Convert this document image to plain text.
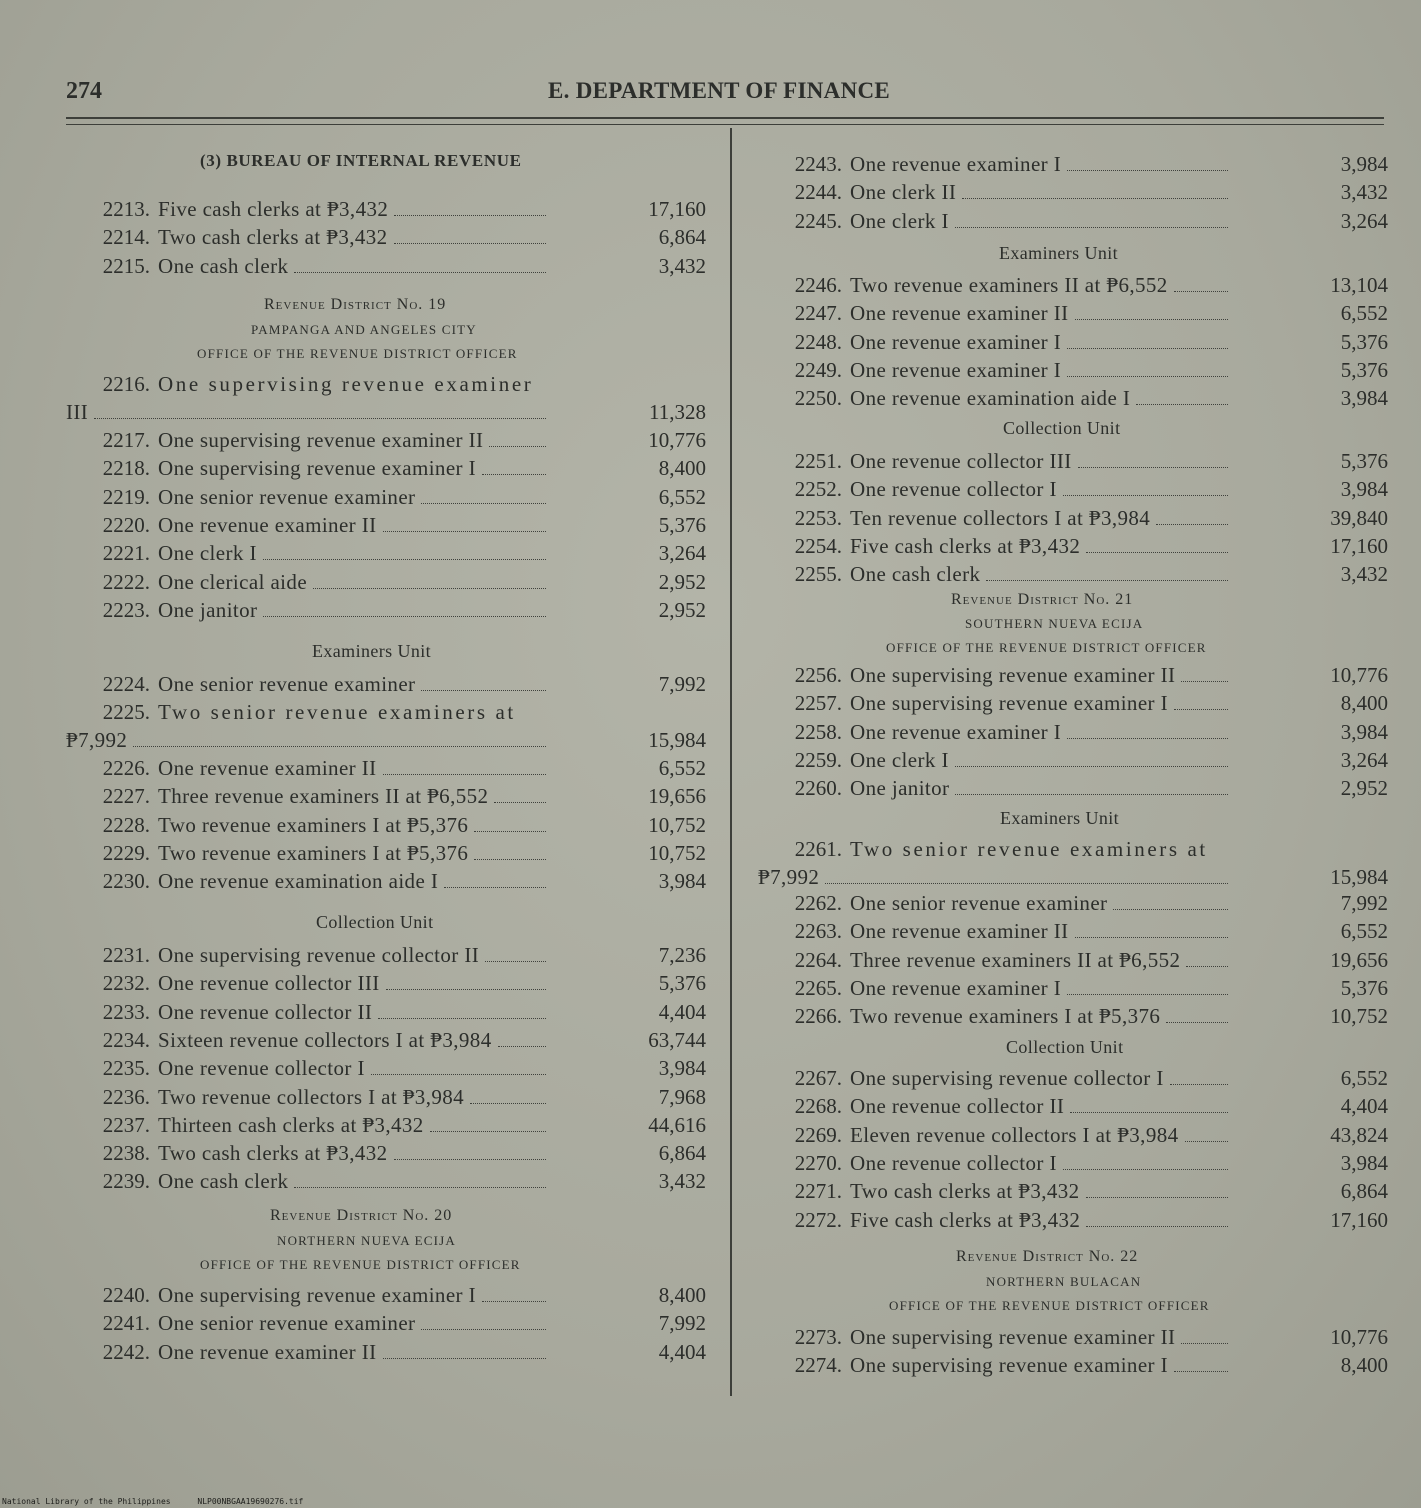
274	E. DEPARTMENT OF FINANCE
(3) BUREAU OF INTERNAL REVENUE
2213. Five cash clerks at ₱3,432	17,160
2214. Two cash clerks at ₱3,432	6,864
2215. One cash clerk	3,432
Revenue District No. 19
PAMPANGA AND ANGELES CITY
OFFICE OF THE REVENUE DISTRICT OFFICER
2216. One supervising revenue examiner
III	11,328
2217. One supervising revenue examiner II	10,776
2218. One supervising revenue examiner I	8,400
2219. One senior revenue examiner	6,552
2220. One revenue examiner II	5,376
2221. One clerk I	3,264
2222. One clerical aide	2,952
2223. One janitor	2,952
Examiners Unit
2224. One senior revenue examiner	7,992
2225. Two senior revenue examiners at
₱7,992	15,984
2226. One revenue examiner II	6,552
2227. Three revenue examiners II at ₱6,552	19,656
2228. Two revenue examiners I at ₱5,376	10,752
2229. Two revenue examiners I at ₱5,376	10,752
2230. One revenue examination aide I	3,984
Collection Unit
2231. One supervising revenue collector II	7,236
2232. One revenue collector III	5,376
2233. One revenue collector II	4,404
2234. Sixteen revenue collectors I at ₱3,984	63,744
2235. One revenue collector I	3,984
2236. Two revenue collectors I at ₱3,984	7,968
2237. Thirteen cash clerks at ₱3,432	44,616
2238. Two cash clerks at ₱3,432	6,864
2239. One cash clerk	3,432
Revenue District No. 20
NORTHERN NUEVA ECIJA
OFFICE OF THE REVENUE DISTRICT OFFICER
2240. One supervising revenue examiner I	8,400
2241. One senior revenue examiner	7,992
2242. One revenue examiner II	4,404
2243. One revenue examiner I	3,984
2244. One clerk II	3,432
2245. One clerk I	3,264
Examiners Unit
2246. Two revenue examiners II at ₱6,552	13,104
2247. One revenue examiner II	6,552
2248. One revenue examiner I	5,376
2249. One revenue examiner I	5,376
2250. One revenue examination aide I	3,984
Collection Unit
2251. One revenue collector III	5,376
2252. One revenue collector I	3,984
2253. Ten revenue collectors I at ₱3,984	39,840
2254. Five cash clerks at ₱3,432	17,160
2255. One cash clerk	3,432
Revenue District No. 21
SOUTHERN NUEVA ECIJA
OFFICE OF THE REVENUE DISTRICT OFFICER
2256. One supervising revenue examiner II	10,776
2257. One supervising revenue examiner I	8,400
2258. One revenue examiner I	3,984
2259. One clerk I	3,264
2260. One janitor	2,952
Examiners Unit
2261. Two senior revenue examiners at
₱7,992	15,984
2262. One senior revenue examiner	7,992
2263. One revenue examiner II	6,552
2264. Three revenue examiners II at ₱6,552	19,656
2265. One revenue examiner I	5,376
2266. Two revenue examiners I at ₱5,376	10,752
Collection Unit
2267. One supervising revenue collector I	6,552
2268. One revenue collector II	4,404
2269. Eleven revenue collectors I at ₱3,984	43,824
2270. One revenue collector I	3,984
2271. Two cash clerks at ₱3,432	6,864
2272. Five cash clerks at ₱3,432	17,160
Revenue District No. 22
NORTHERN BULACAN
OFFICE OF THE REVENUE DISTRICT OFFICER
2273. One supervising revenue examiner II	10,776
2274. One supervising revenue examiner I	8,400
National Library of the Philippines	NLP00NBGAA19690276.tif
